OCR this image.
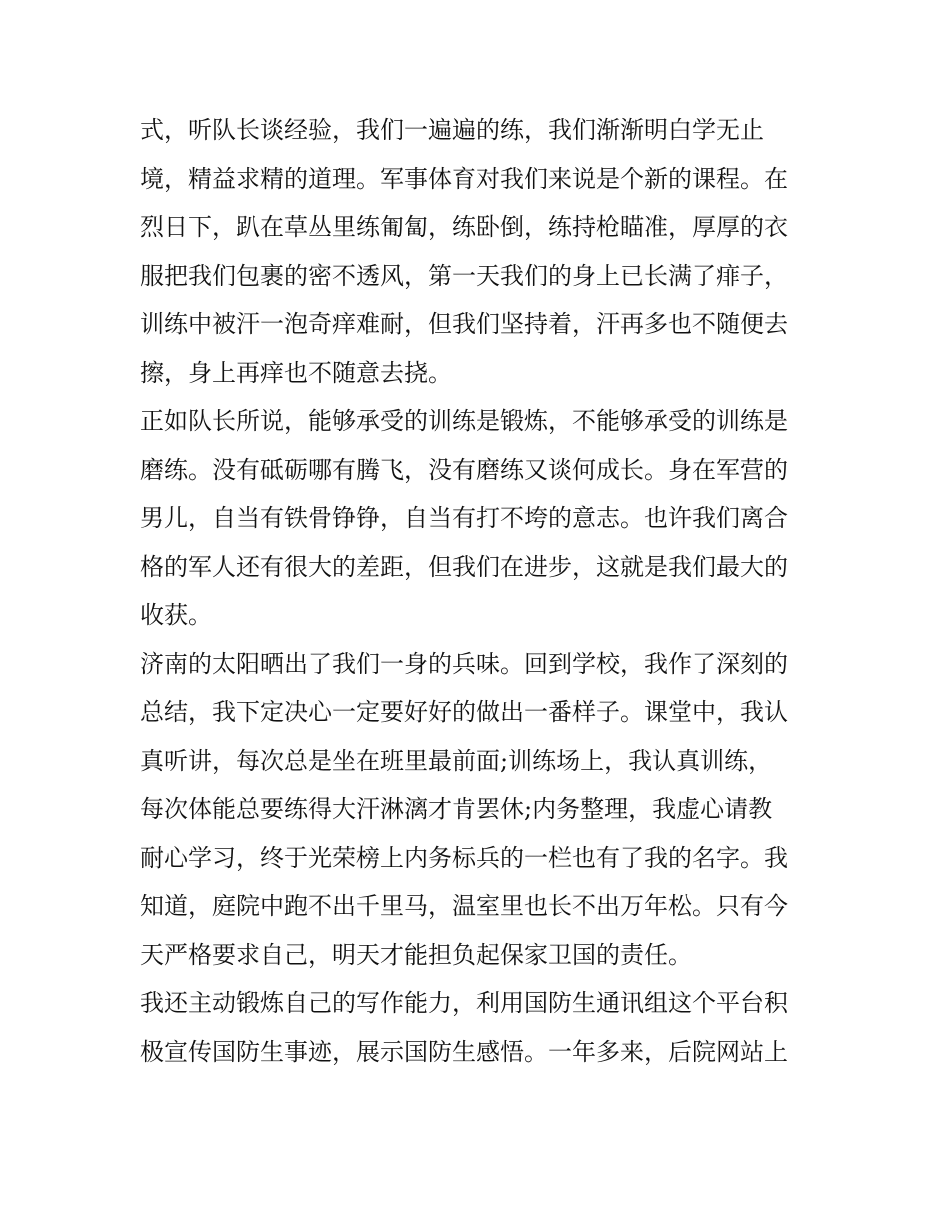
式，听队长谈经验，我们一遍遍的练，我们渐渐明白学无止
境，精益求精的道理。军事体育对我们来说是个新的课程。在
烈日下，趴在草丛里练匍匐，练卧倒，练持枪瞄准，厚厚的衣
服把我们包裹的密不透风，第一天我们的身上已长满了痱子，
训练中被汗一泡奇痒难耐，但我们坚持着，汗再多也不随便去
擦，身上再痒也不随意去挠。
正如队长所说，能够承受的训练是锻炼，不能够承受的训练是
磨练。没有砥砺哪有腾飞，没有磨练又谈何成长。身在军营的
男儿，自当有铁骨铮铮，自当有打不垮的意志。也许我们离合
格的军人还有很大的差距，但我们在进步，这就是我们最大的
收获。
济南的太阳晒出了我们一身的兵味。回到学校，我作了深刻的
总结，我下定决心一定要好好的做出一番样子。课堂中，我认
真听讲，每次总是坐在班里最前面;训练场上，我认真训练，
每次体能总要练得大汗淋漓才肯罢休;内务整理，我虚心请教
耐心学习，终于光荣榜上内务标兵的一栏也有了我的名字。我
知道，庭院中跑不出千里马，温室里也长不出万年松。只有今
天严格要求自己，明天才能担负起保家卫国的责任。
我还主动锻炼自己的写作能力，利用国防生通讯组这个平台积
极宣传国防生事迹，展示国防生感悟。一年多来，后院网站上
